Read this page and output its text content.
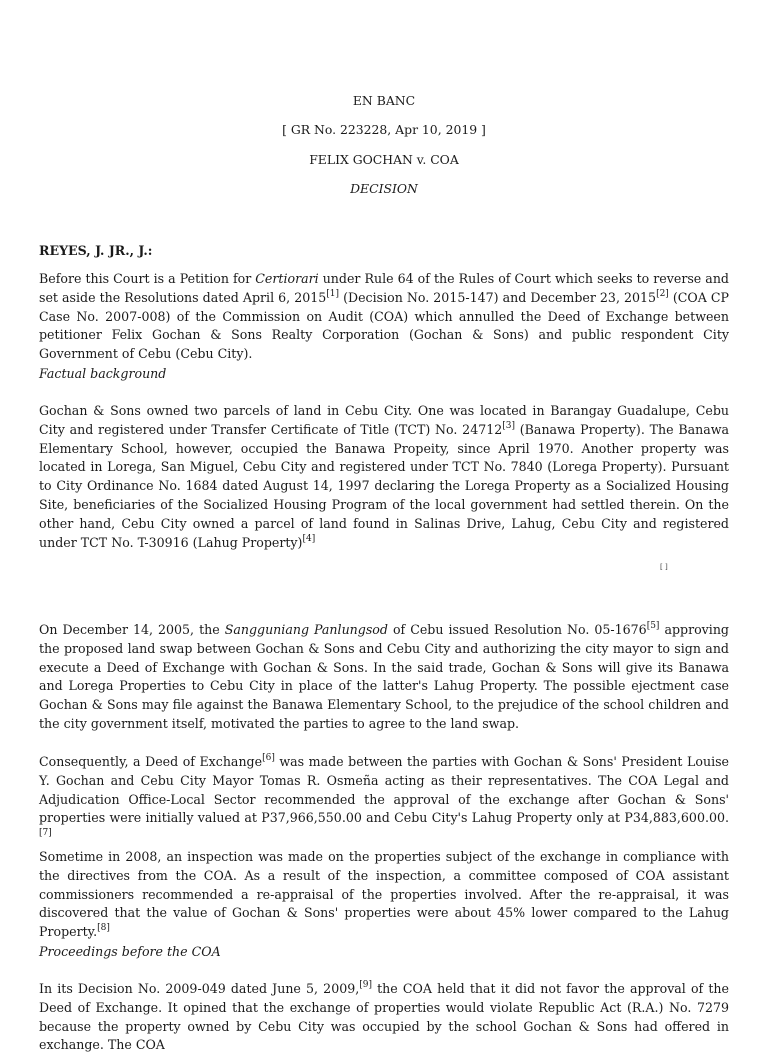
EN BANC
[ GR No. 223228, Apr 10, 2019 ]
FELIX GOCHAN v. COA
DECISION
REYES, J. JR., J.:

Before this Court is a Petition for Certiorari under Rule 64 of the Rules of Court which seeks to reverse and set aside the Resolutions dated April 6, 2015[1] (Decision No. 2015-147) and December 23, 2015[2] (COA CP Case No. 2007-008) of the Commission on Audit (COA) which annulled the Deed of Exchange between petitioner Felix Gochan & Sons Realty Corporation (Gochan & Sons) and public respondent City Government of Cebu (Cebu City).

Factual background

Gochan & Sons owned two parcels of land in Cebu City. One was located in Barangay Guadalupe, Cebu City and registered under Transfer Certificate of Title (TCT) No. 24712[3] (Banawa Property). The Banawa Elementary School, however, occupied the Banawa Propeity, since April 1970. Another property was located in Lorega, San Miguel, Cebu City and registered under TCT No. 7840 (Lorega Property). Pursuant to City Ordinance No. 1684 dated August 14, 1997 declaring the Lorega Property as a Socialized Housing Site, beneficiaries of the Socialized Housing Program of the local government had settled therein. On the other hand, Cebu City owned a parcel of land found in Salinas Drive, Lahug, Cebu City and registered under TCT No. T-30916 (Lahug Property)[4]

[ ]

On December 14, 2005, the Sangguniang Panlungsod of Cebu issued Resolution No. 05-1676[5] approving the proposed land swap between Gochan & Sons and Cebu City and authorizing the city mayor to sign and execute a Deed of Exchange with Gochan & Sons. In the said trade, Gochan & Sons will give its Banawa and Lorega Properties to Cebu City in place of the latter's Lahug Property. The possible ejectment case Gochan & Sons may file against the Banawa Elementary School, to the prejudice of the school children and the city government itself, motivated the parties to agree to the land swap.

Consequently, a Deed of Exchange[6] was made between the parties with Gochan & Sons' President Louise Y. Gochan and Cebu City Mayor Tomas R. Osmeña acting as their representatives. The COA Legal and Adjudication Office-Local Sector recommended the approval of the exchange after Gochan & Sons' properties were initially valued at P37,966,550.00 and Cebu City's Lahug Property only at P34,883,600.00.[7]

Sometime in 2008, an inspection was made on the properties subject of the exchange in compliance with the directives from the COA. As a result of the inspection, a committee composed of COA assistant commissioners recommended a re-appraisal of the properties involved. After the re-appraisal, it was discovered that the value of Gochan & Sons' properties were about 45% lower compared to the Lahug Property.[8]

Proceedings before the COA

In its Decision No. 2009-049 dated June 5, 2009,[9] the COA held that it did not favor the approval of the Deed of Exchange. It opined that the exchange of properties would violate Republic Act (R.A.) No. 7279 because the property owned by Cebu City was occupied by the school Gochan & Sons had offered in exchange. The COA
